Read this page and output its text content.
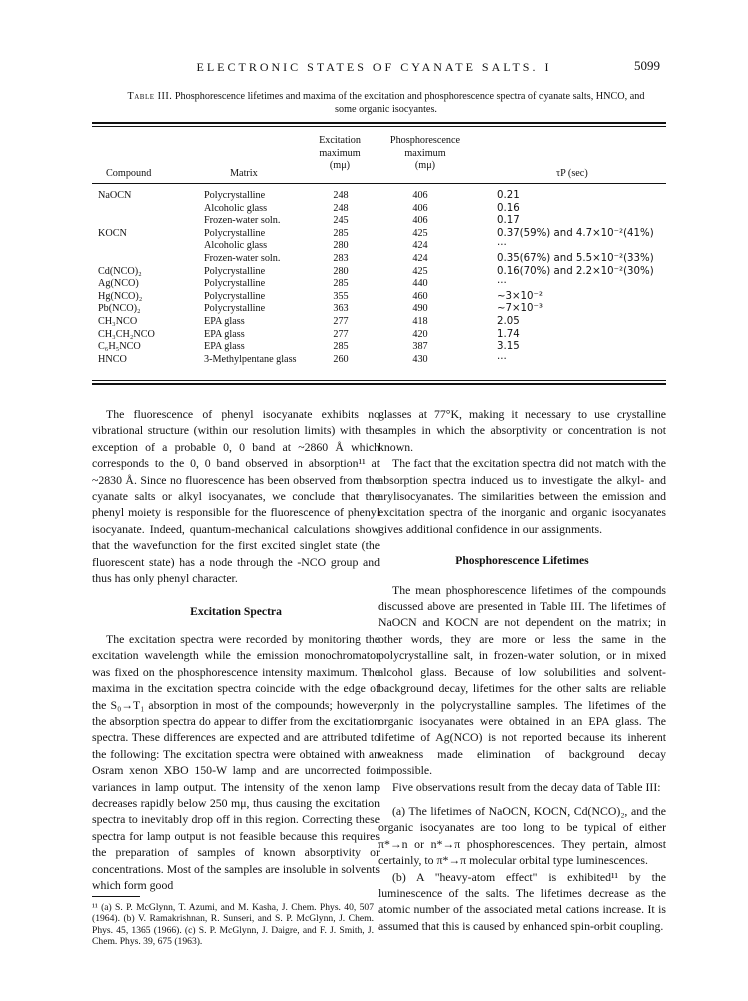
ELECTRONIC STATES OF CYANATE SALTS. I	5099
Table III. Phosphorescence lifetimes and maxima of the excitation and phosphorescence spectra of cyanate salts, HNCO, and some organic isocyantes.
Compound	Matrix
Excitation
maximum
(mμ)
Phosphorescence
maximum
(mμ)
τP (sec)
NaOCN	Polycrystalline	248	406	0.21
Alcoholic glass	248	406	0.16
Frozen-water soln.	245	406	0.17
KOCN	Polycrystalline	285	425	0.37(59%) and 4.7×10⁻²(41%)
Alcoholic glass	280	424	···
Frozen-water soln.	283	424	0.35(67%) and 5.5×10⁻²(33%)
Cd(NCO)₂	Polycrystalline	280	425	0.16(70%) and 2.2×10⁻²(30%)
Ag(NCO)	Polycrystalline	285	440	···
Hg(NCO)₂	Polycrystalline	355	460	~3×10⁻²
Pb(NCO)₂	Polycrystalline	363	490	~7×10⁻³
CH₃NCO	EPA glass	277	418	2.05
CH₃CH₂NCO	EPA glass	277	420	1.74
C₆H₅NCO	EPA glass	285	387	3.15
HNCO	3-Methylpentane glass	260	430	···

The fluorescence of phenyl isocyanate exhibits no vibrational structure (within our resolution limits) with the exception of a probable 0, 0 band at ~2860 Å which corresponds to the 0, 0 band observed in absorption¹¹ at ~2830 Å. Since no fluorescence has been observed from the cyanate salts or alkyl isocyanates, we conclude that the phenyl moiety is responsible for the fluorescence of phenyl isocyanate. Indeed, quantum-mechanical calculations show that the wavefunction for the first excited singlet state (the fluorescent state) has a node through the -NCO group and thus has only phenyl character.

Excitation Spectra

The excitation spectra were recorded by monitoring the excitation wavelength while the emission monochromator was fixed on the phosphorescence intensity maximum. The maxima in the excitation spectra coincide with the edge of the S₀→T₁ absorption in most of the compounds; however, the absorption spectra do appear to differ from the excitation spectra. These differences are expected and are attributed to the following: The excitation spectra were obtained with an Osram xenon XBO 150-W lamp and are uncorrected for variances in lamp output. The intensity of the xenon lamp decreases rapidly below 250 mμ, thus causing the excitation spectra to inevitably drop off in this region. Correcting these spectra for lamp output is not feasible because this requires the preparation of samples of known absorptivity or concentrations. Most of the samples are insoluble in solvents which form good

¹¹ (a) S. P. McGlynn, T. Azumi, and M. Kasha, J. Chem. Phys. 40, 507 (1964). (b) V. Ramakrishnan, R. Sunseri, and S. P. McGlynn, J. Chem. Phys. 45, 1365 (1966). (c) S. P. McGlynn, J. Daigre, and F. J. Smith, J. Chem. Phys. 39, 675 (1963).

glasses at 77°K, making it necessary to use crystalline samples in which the absorptivity or concentration is not known.

The fact that the excitation spectra did not match with the absorption spectra induced us to investigate the alkyl- and arylisocyanates. The similarities between the emission and excitation spectra of the inorganic and organic isocyanates gives additional confidence in our assignments.

Phosphorescence Lifetimes

The mean phosphorescence lifetimes of the compounds discussed above are presented in Table III. The lifetimes of NaOCN and KOCN are not dependent on the matrix; in other words, they are more or less the same in the polycrystalline salt, in frozen-water solution, or in mixed alcohol glass. Because of low solubilities and solvent-background decay, lifetimes for the other salts are reliable only in the polycrystalline samples. The lifetimes of the organic isocyanates were obtained in an EPA glass. The lifetime of Ag(NCO) is not reported because its inherent weakness made elimination of background decay impossible.

Five observations result from the decay data of Table III:

(a) The lifetimes of NaOCN, KOCN, Cd(NCO)₂, and the organic isocyanates are too long to be typical of either π*→n or n*→π phosphorescences. They pertain, almost certainly, to π*→π molecular orbital type luminescences.

(b) A "heavy-atom effect" is exhibited¹¹ by the luminescence of the salts. The lifetimes decrease as the atomic number of the associated metal cations increase. It is assumed that this is caused by enhanced spin-orbit coupling.
